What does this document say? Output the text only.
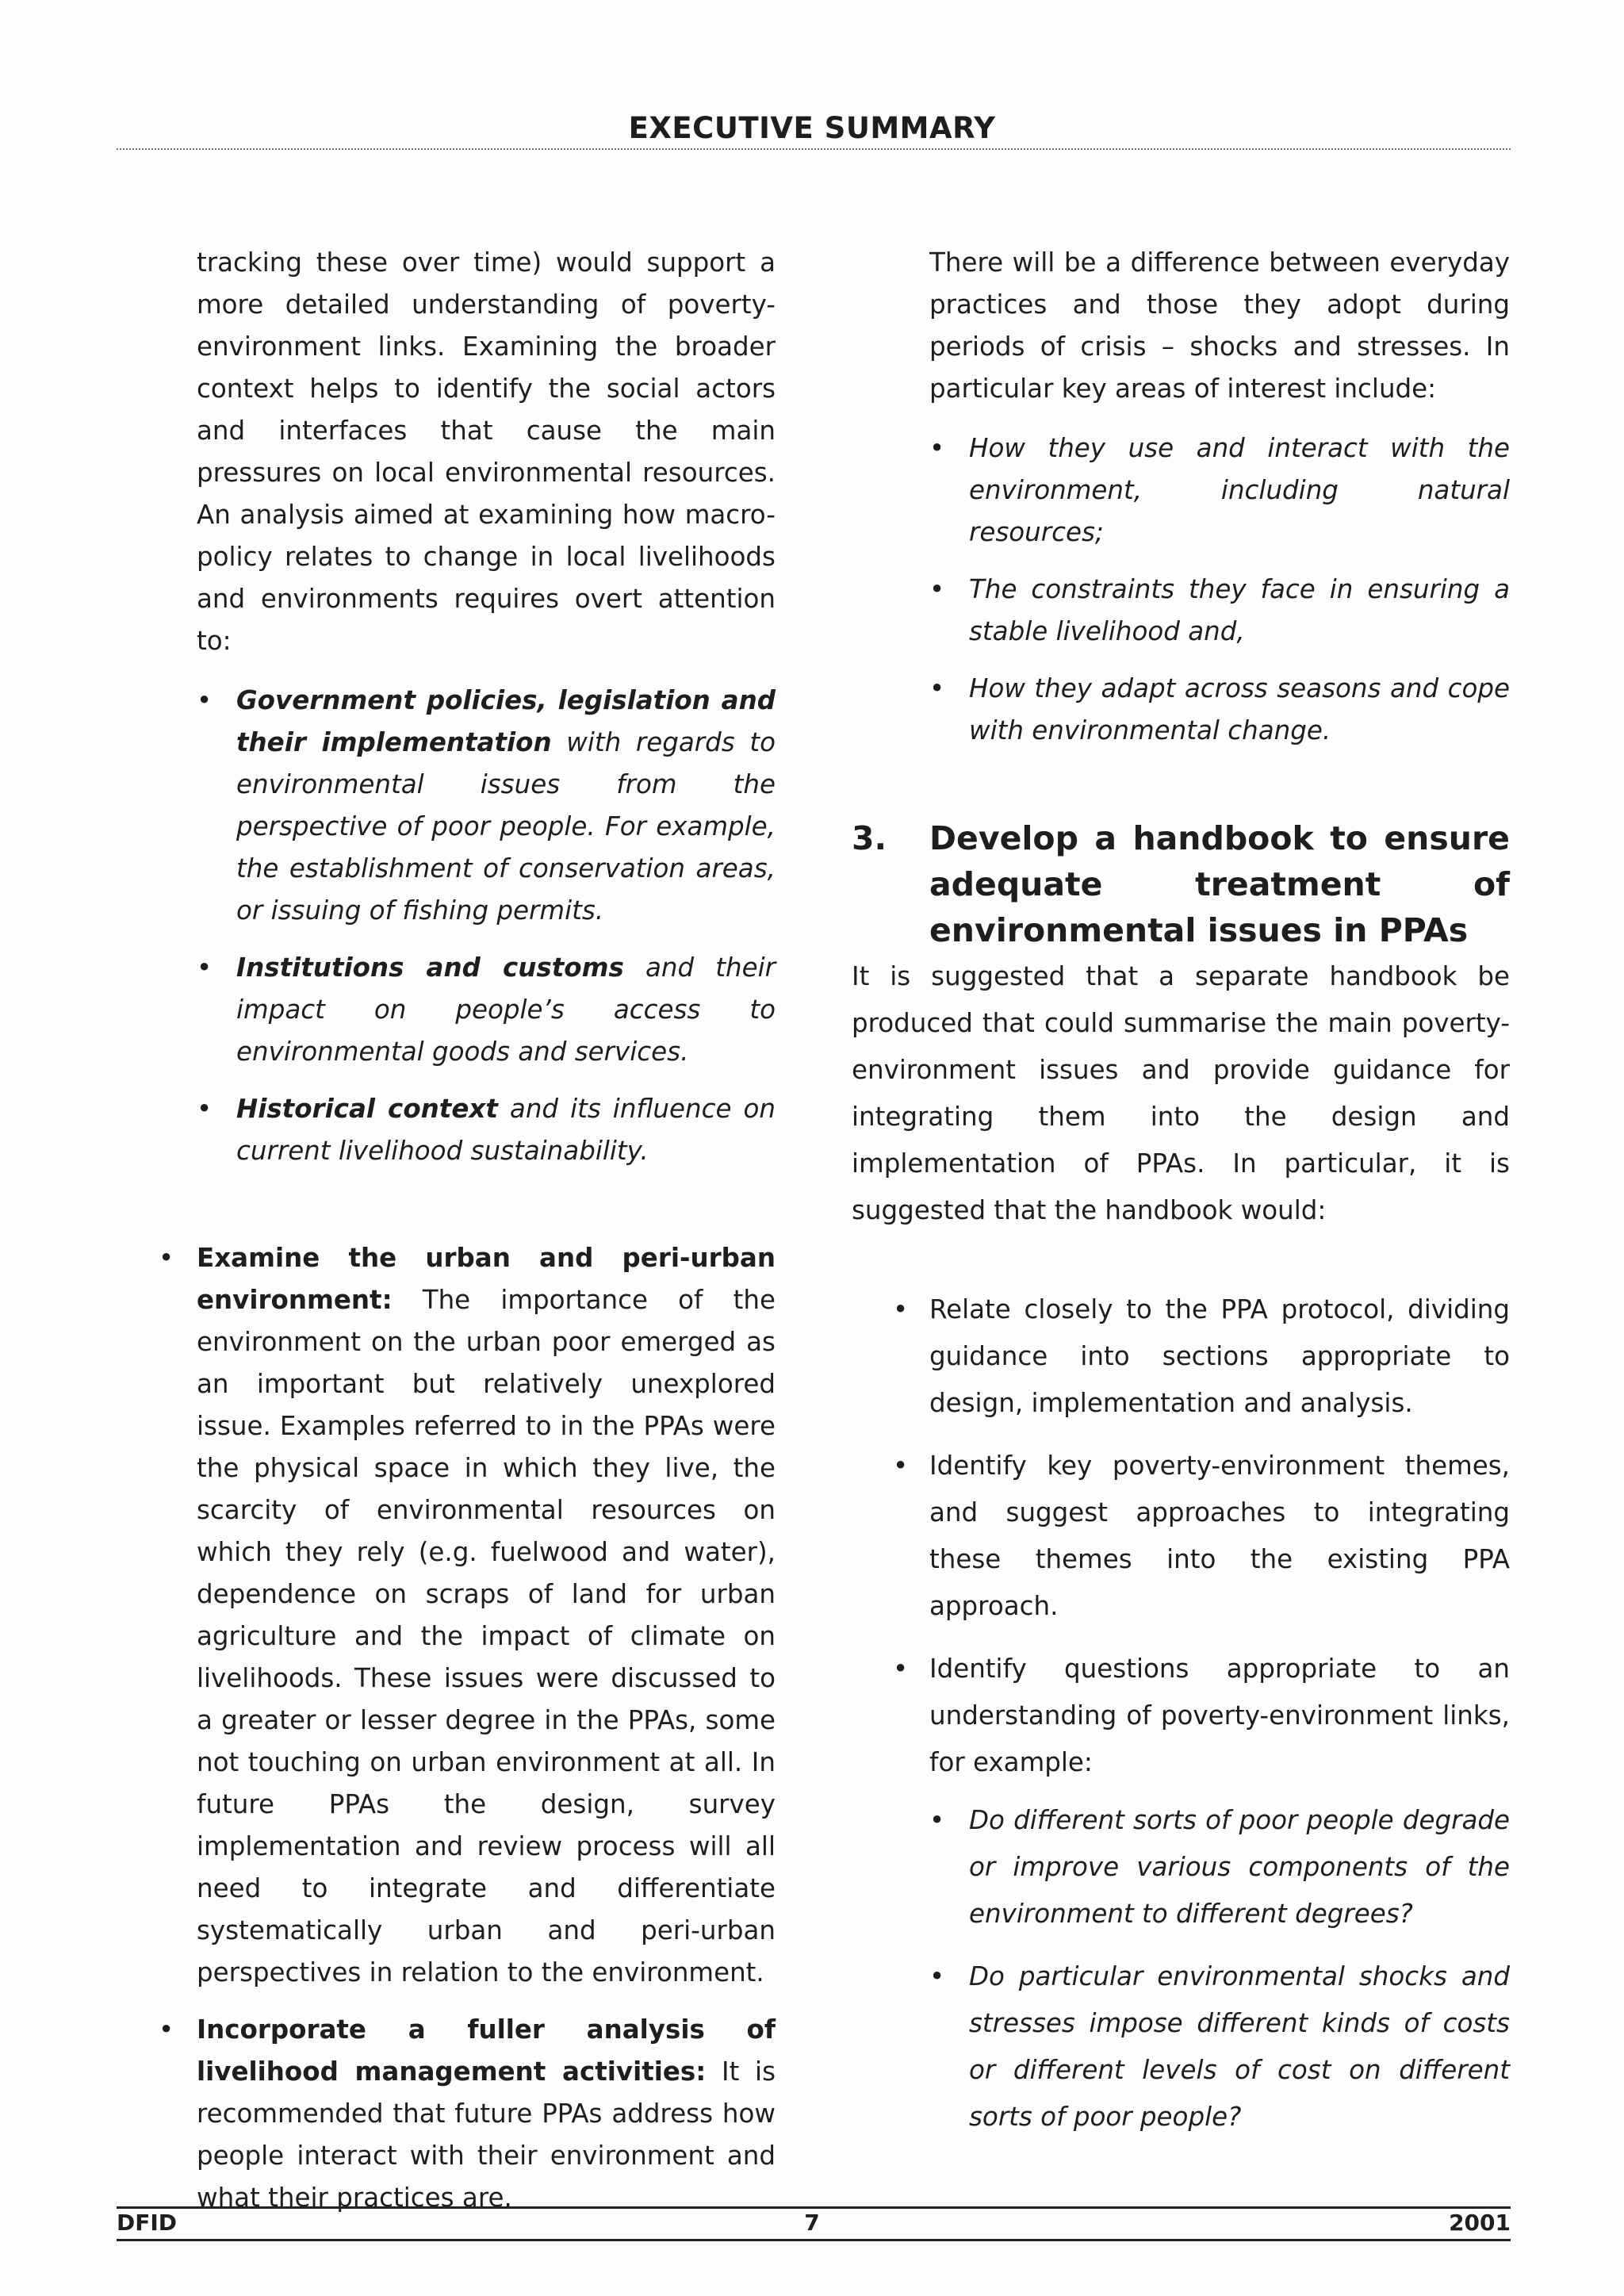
EXECUTIVE SUMMARY

tracking these over time) would support a more detailed understanding of poverty-environment links. Examining the broader context helps to identify the social actors and interfaces that cause the main pressures on local environmental resources. An analysis aimed at examining how macro-policy relates to change in local livelihoods and environments requires overt attention to:

• Government policies, legislation and their implementation with regards to environmental issues from the perspective of poor people. For example, the establishment of conservation areas, or issuing of fishing permits.
• Institutions and customs and their impact on people’s access to environmental goods and services.
• Historical context and its influence on current livelihood sustainability.
• Examine the urban and peri-urban environment: The importance of the environment on the urban poor emerged as an important but relatively unexplored issue. Examples referred to in the PPAs were the physical space in which they live, the scarcity of environmental resources on which they rely (e.g. fuelwood and water), dependence on scraps of land for urban agriculture and the impact of climate on livelihoods. These issues were discussed to a greater or lesser degree in the PPAs, some not touching on urban environment at all. In future PPAs the design, survey implementation and review process will all need to integrate and differentiate systematically urban and peri-urban perspectives in relation to the environment.
• Incorporate a fuller analysis of livelihood management activities: It is recommended that future PPAs address how people interact with their environment and what their practices are.

There will be a difference between everyday practices and those they adopt during periods of crisis – shocks and stresses. In particular key areas of interest include:

• How they use and interact with the environment, including natural resources;
• The constraints they face in ensuring a stable livelihood and,
• How they adapt across seasons and cope with environmental change.
3. Develop a handbook to ensure adequate treatment of environmental issues in PPAs

It is suggested that a separate handbook be produced that could summarise the main poverty-environment issues and provide guidance for integrating them into the design and implementation of PPAs. In particular, it is suggested that the handbook would:

• Relate closely to the PPA protocol, dividing guidance into sections appropriate to design, implementation and analysis.
• Identify key poverty-environment themes, and suggest approaches to integrating these themes into the existing PPA approach.
• Identify questions appropriate to an understanding of poverty-environment links, for example:
• Do different sorts of poor people degrade or improve various components of the environment to different degrees?
• Do particular environmental shocks and stresses impose different kinds of costs or different levels of cost on different sorts of poor people?
DFID	7	2001
